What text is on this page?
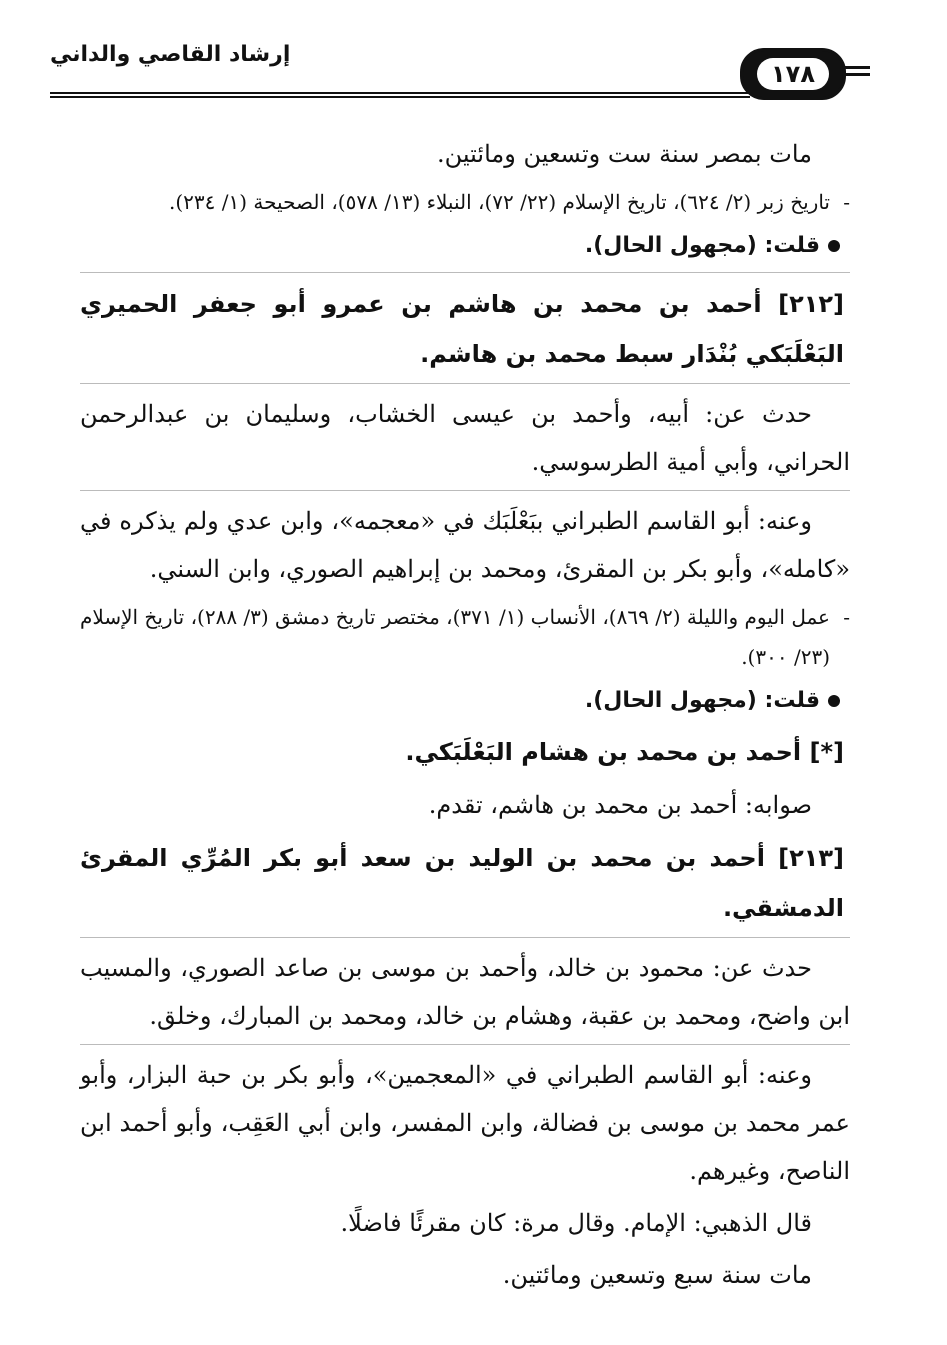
إرشاد القاصي والداني
١٧٨

مات بمصر سنة ست وتسعين ومائتين.

- تاريخ زبر (٢/ ٦٢٤)، تاريخ الإسلام (٢٢/ ٧٢)، النبلاء (١٣/ ٥٧٨)، الصحيحة (١/ ٢٣٤).
قلت: (مجهول الحال).
[٢١٢] أحمد بن محمد بن هاشم بن عمرو أبو جعفر الحميري البَعْلَبَكي بُنْدَار سبط محمد بن هاشم.

حدث عن: أبيه، وأحمد بن عيسى الخشاب، وسليمان بن عبدالرحمن الحراني، وأبي أمية الطرسوسي.

وعنه: أبو القاسم الطبراني ببَعْلَبَك في «معجمه»، وابن عدي ولم يذكره في «كامله»، وأبو بكر بن المقرئ، ومحمد بن إبراهيم الصوري، وابن السني.

- عمل اليوم والليلة (٢/ ٨٦٩)، الأنساب (١/ ٣٧١)، مختصر تاريخ دمشق (٣/ ٢٨٨)، تاريخ الإسلام (٢٣/ ٣٠٠).
قلت: (مجهول الحال).
[*] أحمد بن محمد بن هشام البَعْلَبَكي.

صوابه: أحمد بن محمد بن هاشم، تقدم.

[٢١٣] أحمد بن محمد بن الوليد بن سعد أبو بكر المُرِّي المقرئ الدمشقي.

حدث عن: محمود بن خالد، وأحمد بن موسى بن صاعد الصوري، والمسيب ابن واضح، ومحمد بن عقبة، وهشام بن خالد، ومحمد بن المبارك، وخلق.

وعنه: أبو القاسم الطبراني في «المعجمين»، وأبو بكر بن حبة البزار، وأبو عمر محمد بن موسى بن فضالة، وابن المفسر، وابن أبي العَقِب، وأبو أحمد ابن الناصح، وغيرهم.

قال الذهبي: الإمام. وقال مرة: كان مقرئًا فاضلًا.

مات سنة سبع وتسعين ومائتين.
